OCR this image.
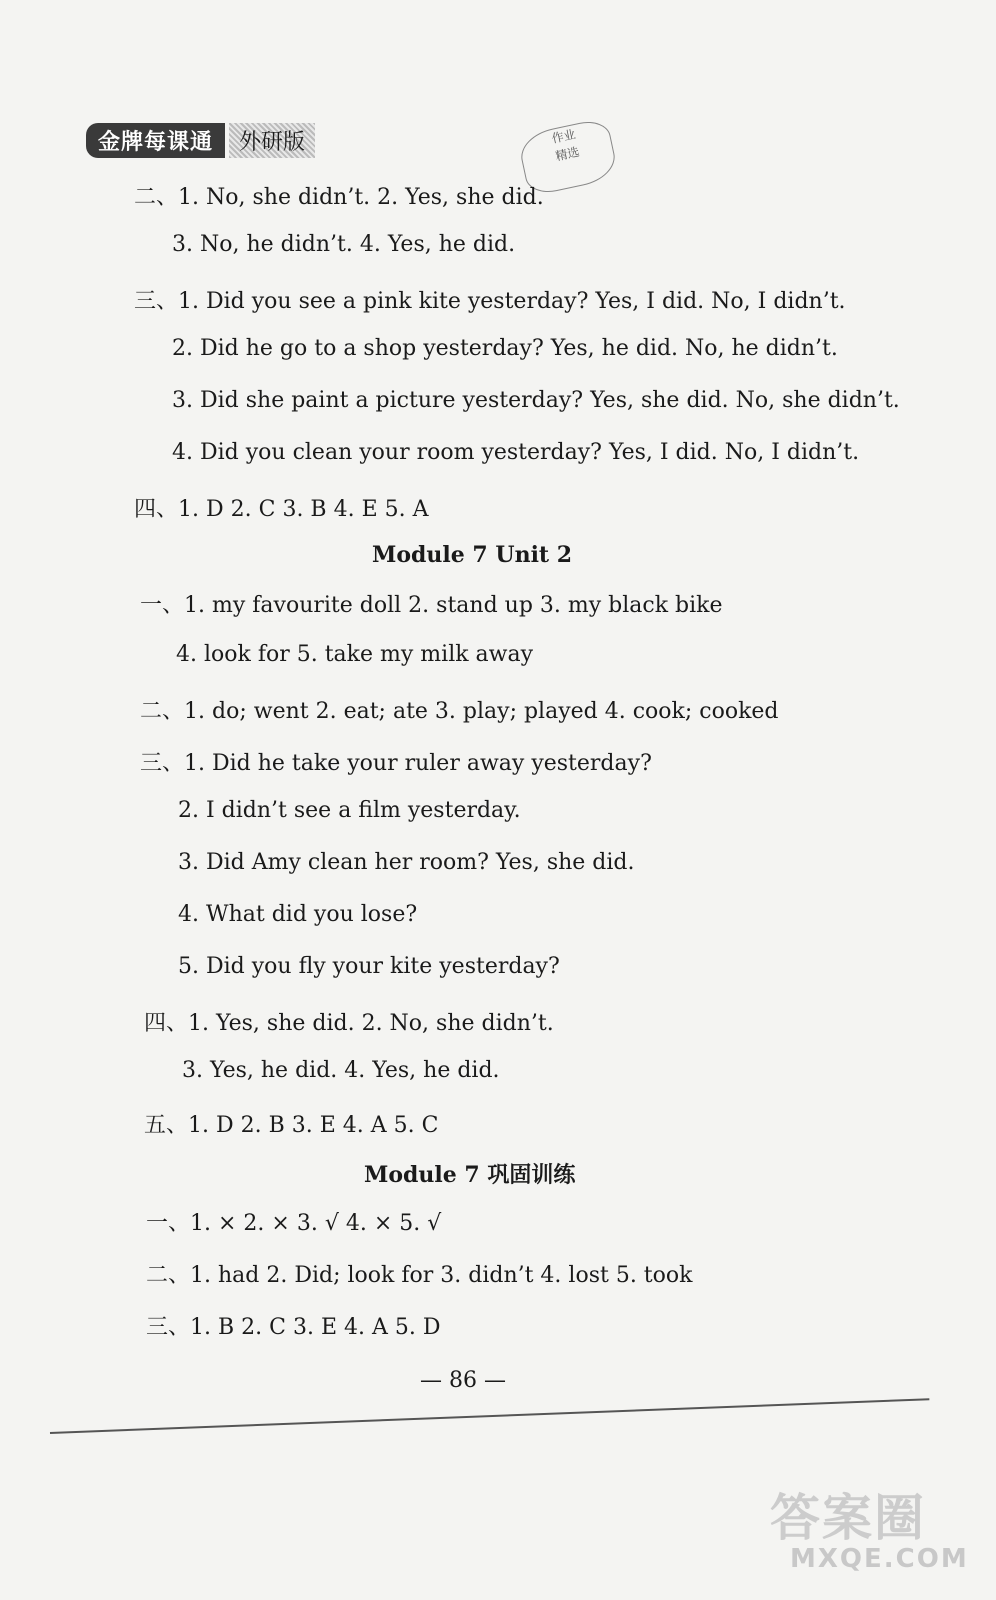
金牌每课通	外研版	作业
精选
二、1. No, she didn’t. 2. Yes, she did.
3. No, he didn’t. 4. Yes, he did.
三、1. Did you see a pink kite yesterday? Yes, I did. No, I didn’t.
2. Did he go to a shop yesterday? Yes, he did. No, he didn’t.
3. Did she paint a picture yesterday? Yes, she did. No, she didn’t.
4. Did you clean your room yesterday? Yes, I did. No, I didn’t.
四、1. D 2. C 3. B 4. E 5. A
Module 7 Unit 2
一、1. my favourite doll 2. stand up 3. my black bike
4. look for 5. take my milk away
二、1. do; went 2. eat; ate 3. play; played 4. cook; cooked
三、1. Did he take your ruler away yesterday?
2. I didn’t see a film yesterday.
3. Did Amy clean her room? Yes, she did.
4. What did you lose?
5. Did you fly your kite yesterday?
四、1. Yes, she did. 2. No, she didn’t.
3. Yes, he did. 4. Yes, he did.
五、1. D 2. B 3. E 4. A 5. C
Module 7 巩固训练
一、1. × 2. × 3. √ 4. × 5. √
二、1. had 2. Did; look for 3. didn’t 4. lost 5. took
三、1. B 2. C 3. E 4. A 5. D
— 86 —
答案圈
MXQE.COM
